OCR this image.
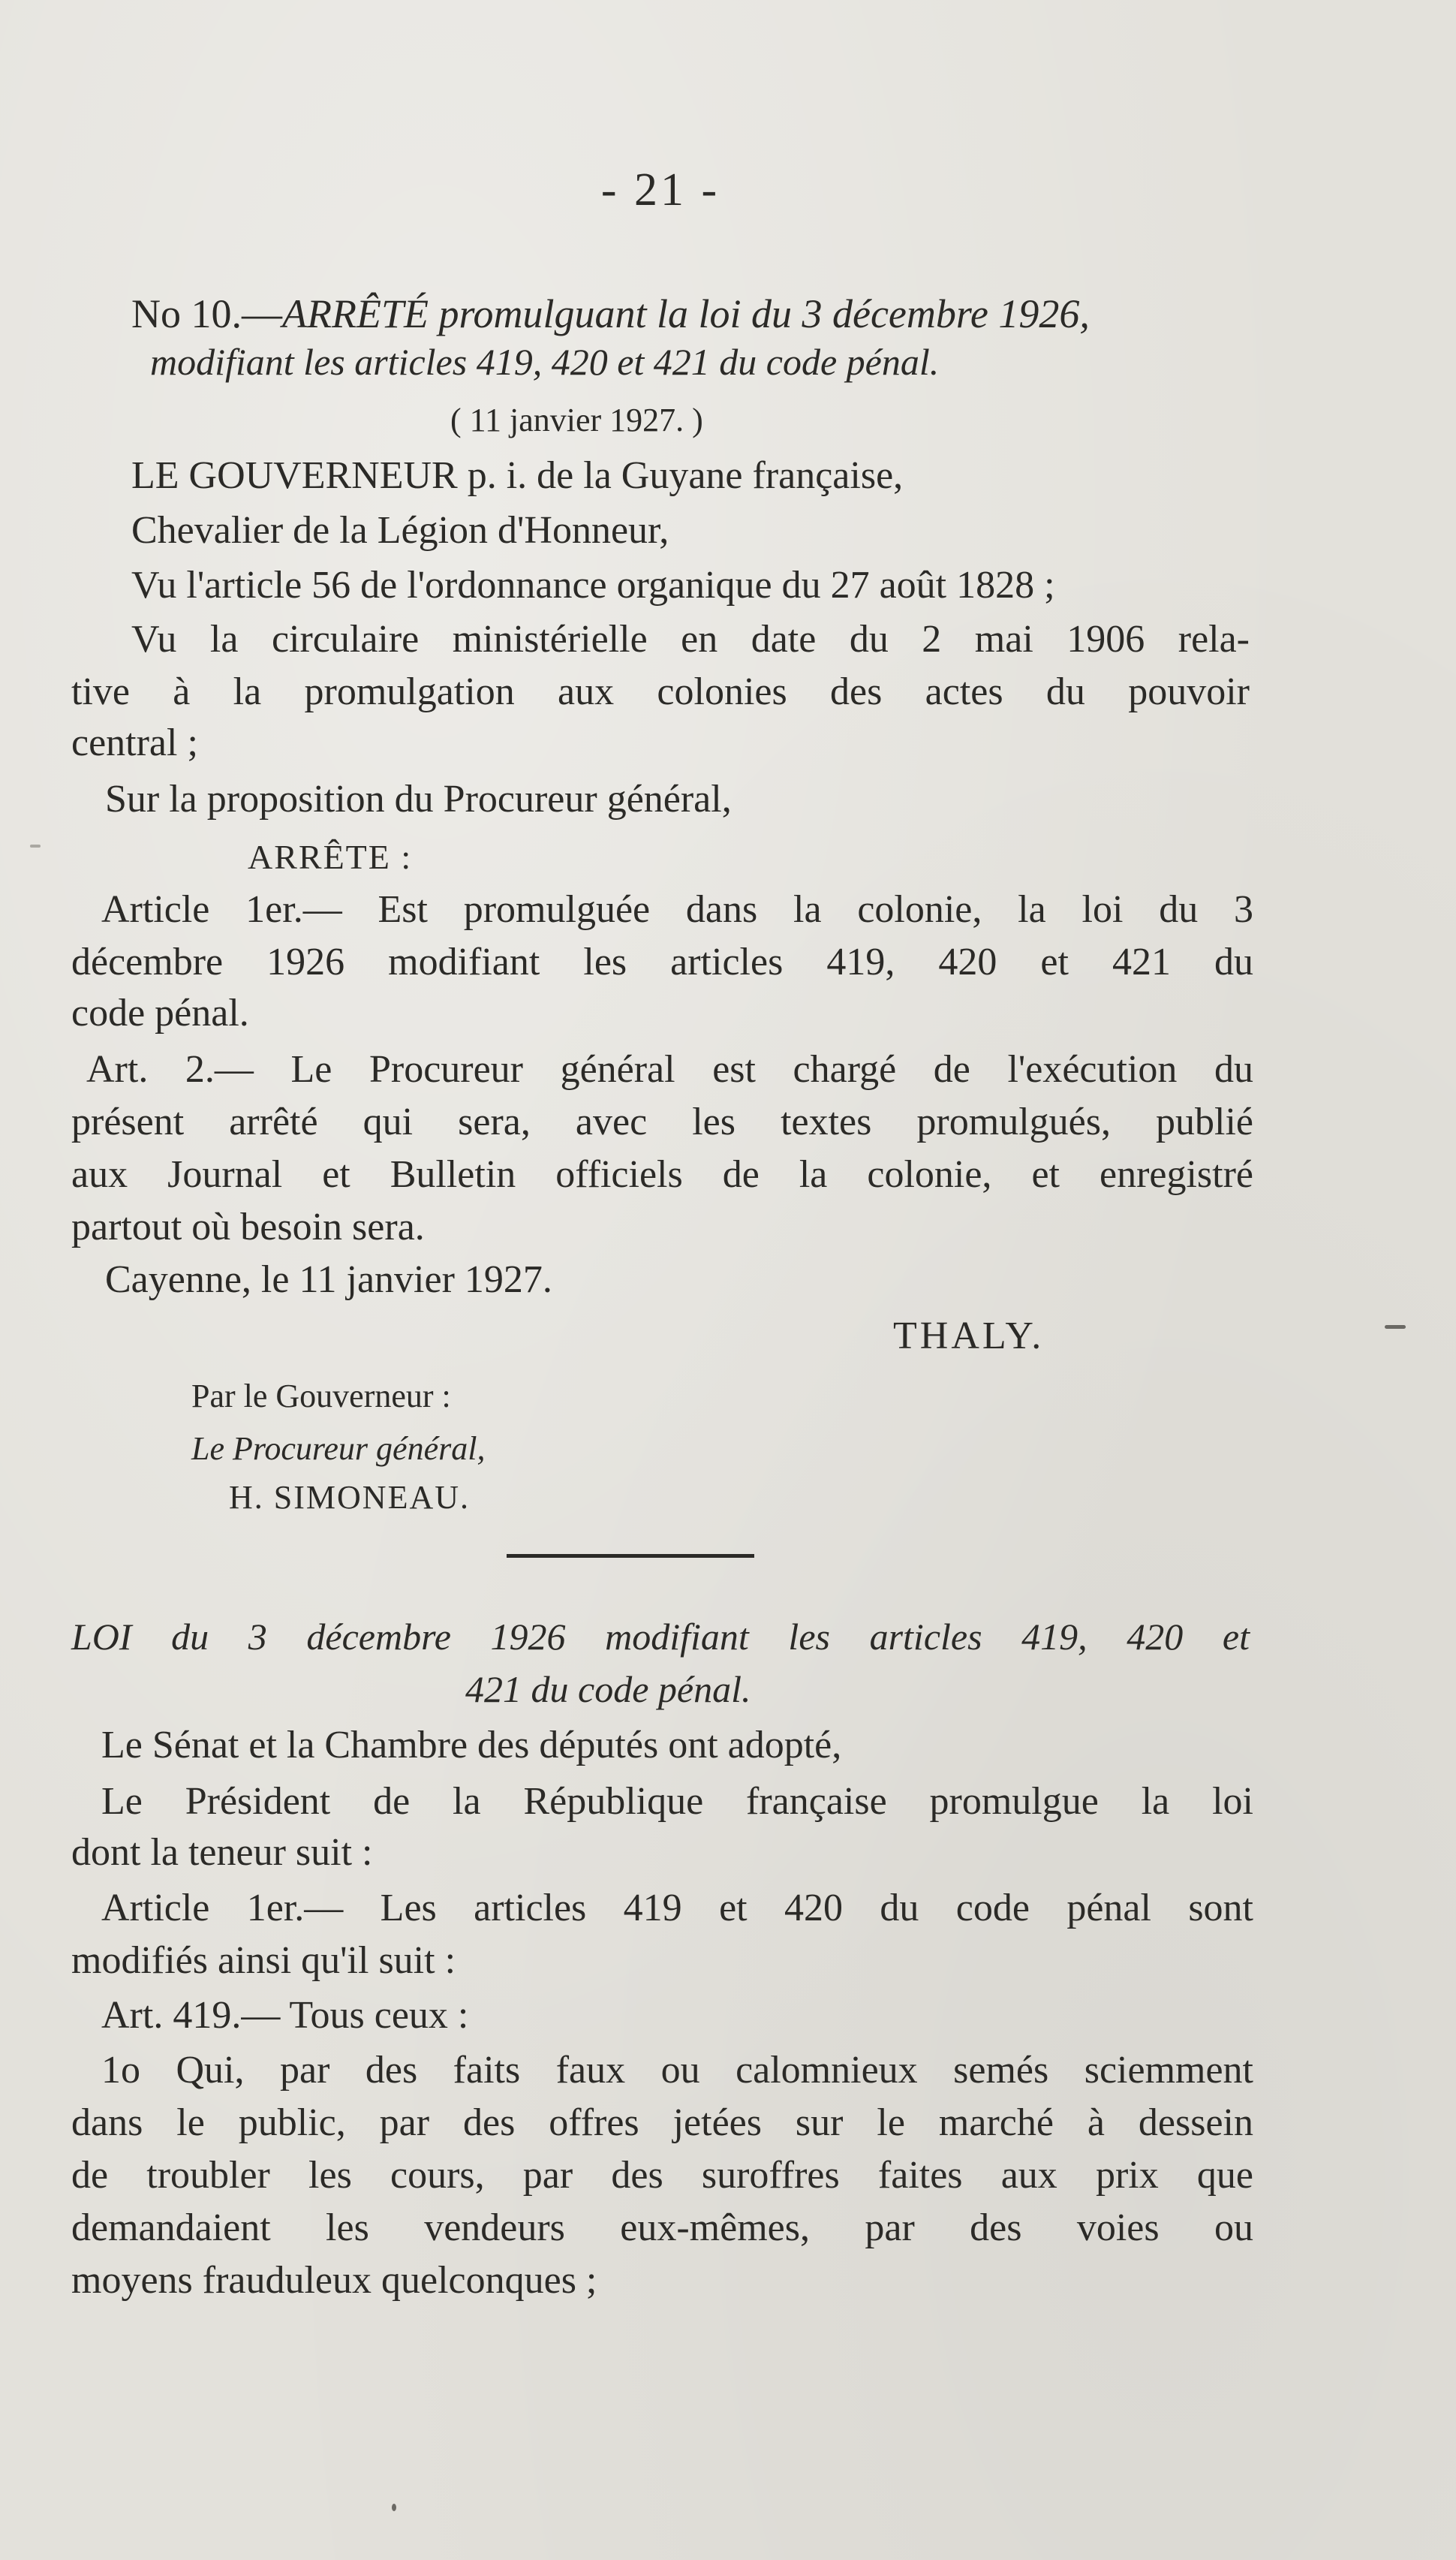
- 21 -
No 10.—ARRÊTÉ promulguant la loi du 3 décembre 1926,
modifiant les articles 419, 420 et 421 du code pénal.
( 11 janvier 1927. )
LE GOUVERNEUR p. i. de la Guyane française,
Chevalier de la Légion d'Honneur,
Vu l'article 56 de l'ordonnance organique du 27 août 1828 ;
Vu la circulaire ministérielle en date du 2 mai 1906 rela-
tive à la promulgation aux colonies des actes du pouvoir
central ;
Sur la proposition du Procureur général,
ARRÊTE :
Article 1er.— Est promulguée dans la colonie, la loi du 3
décembre 1926 modifiant les articles 419, 420 et 421 du
code pénal.
Art. 2.— Le Procureur général est chargé de l'exécution du
présent arrêté qui sera, avec les textes promulgués, publié
aux Journal et Bulletin officiels de la colonie, et enregistré
partout où besoin sera.
Cayenne, le 11 janvier 1927.
THALY.
Par le Gouverneur :
Le Procureur général,
H. SIMONEAU.
LOI du 3 décembre 1926 modifiant les articles 419, 420 et
421 du code pénal.
Le Sénat et la Chambre des députés ont adopté,
Le Président de la République française promulgue la loi
dont la teneur suit :
Article 1er.— Les articles 419 et 420 du code pénal sont
modifiés ainsi qu'il suit :
Art. 419.— Tous ceux :
1o Qui, par des faits faux ou calomnieux semés sciemment
dans le public, par des offres jetées sur le marché à dessein
de troubler les cours, par des suroffres faites aux prix que
demandaient les vendeurs eux-mêmes, par des voies ou
moyens frauduleux quelconques ;
